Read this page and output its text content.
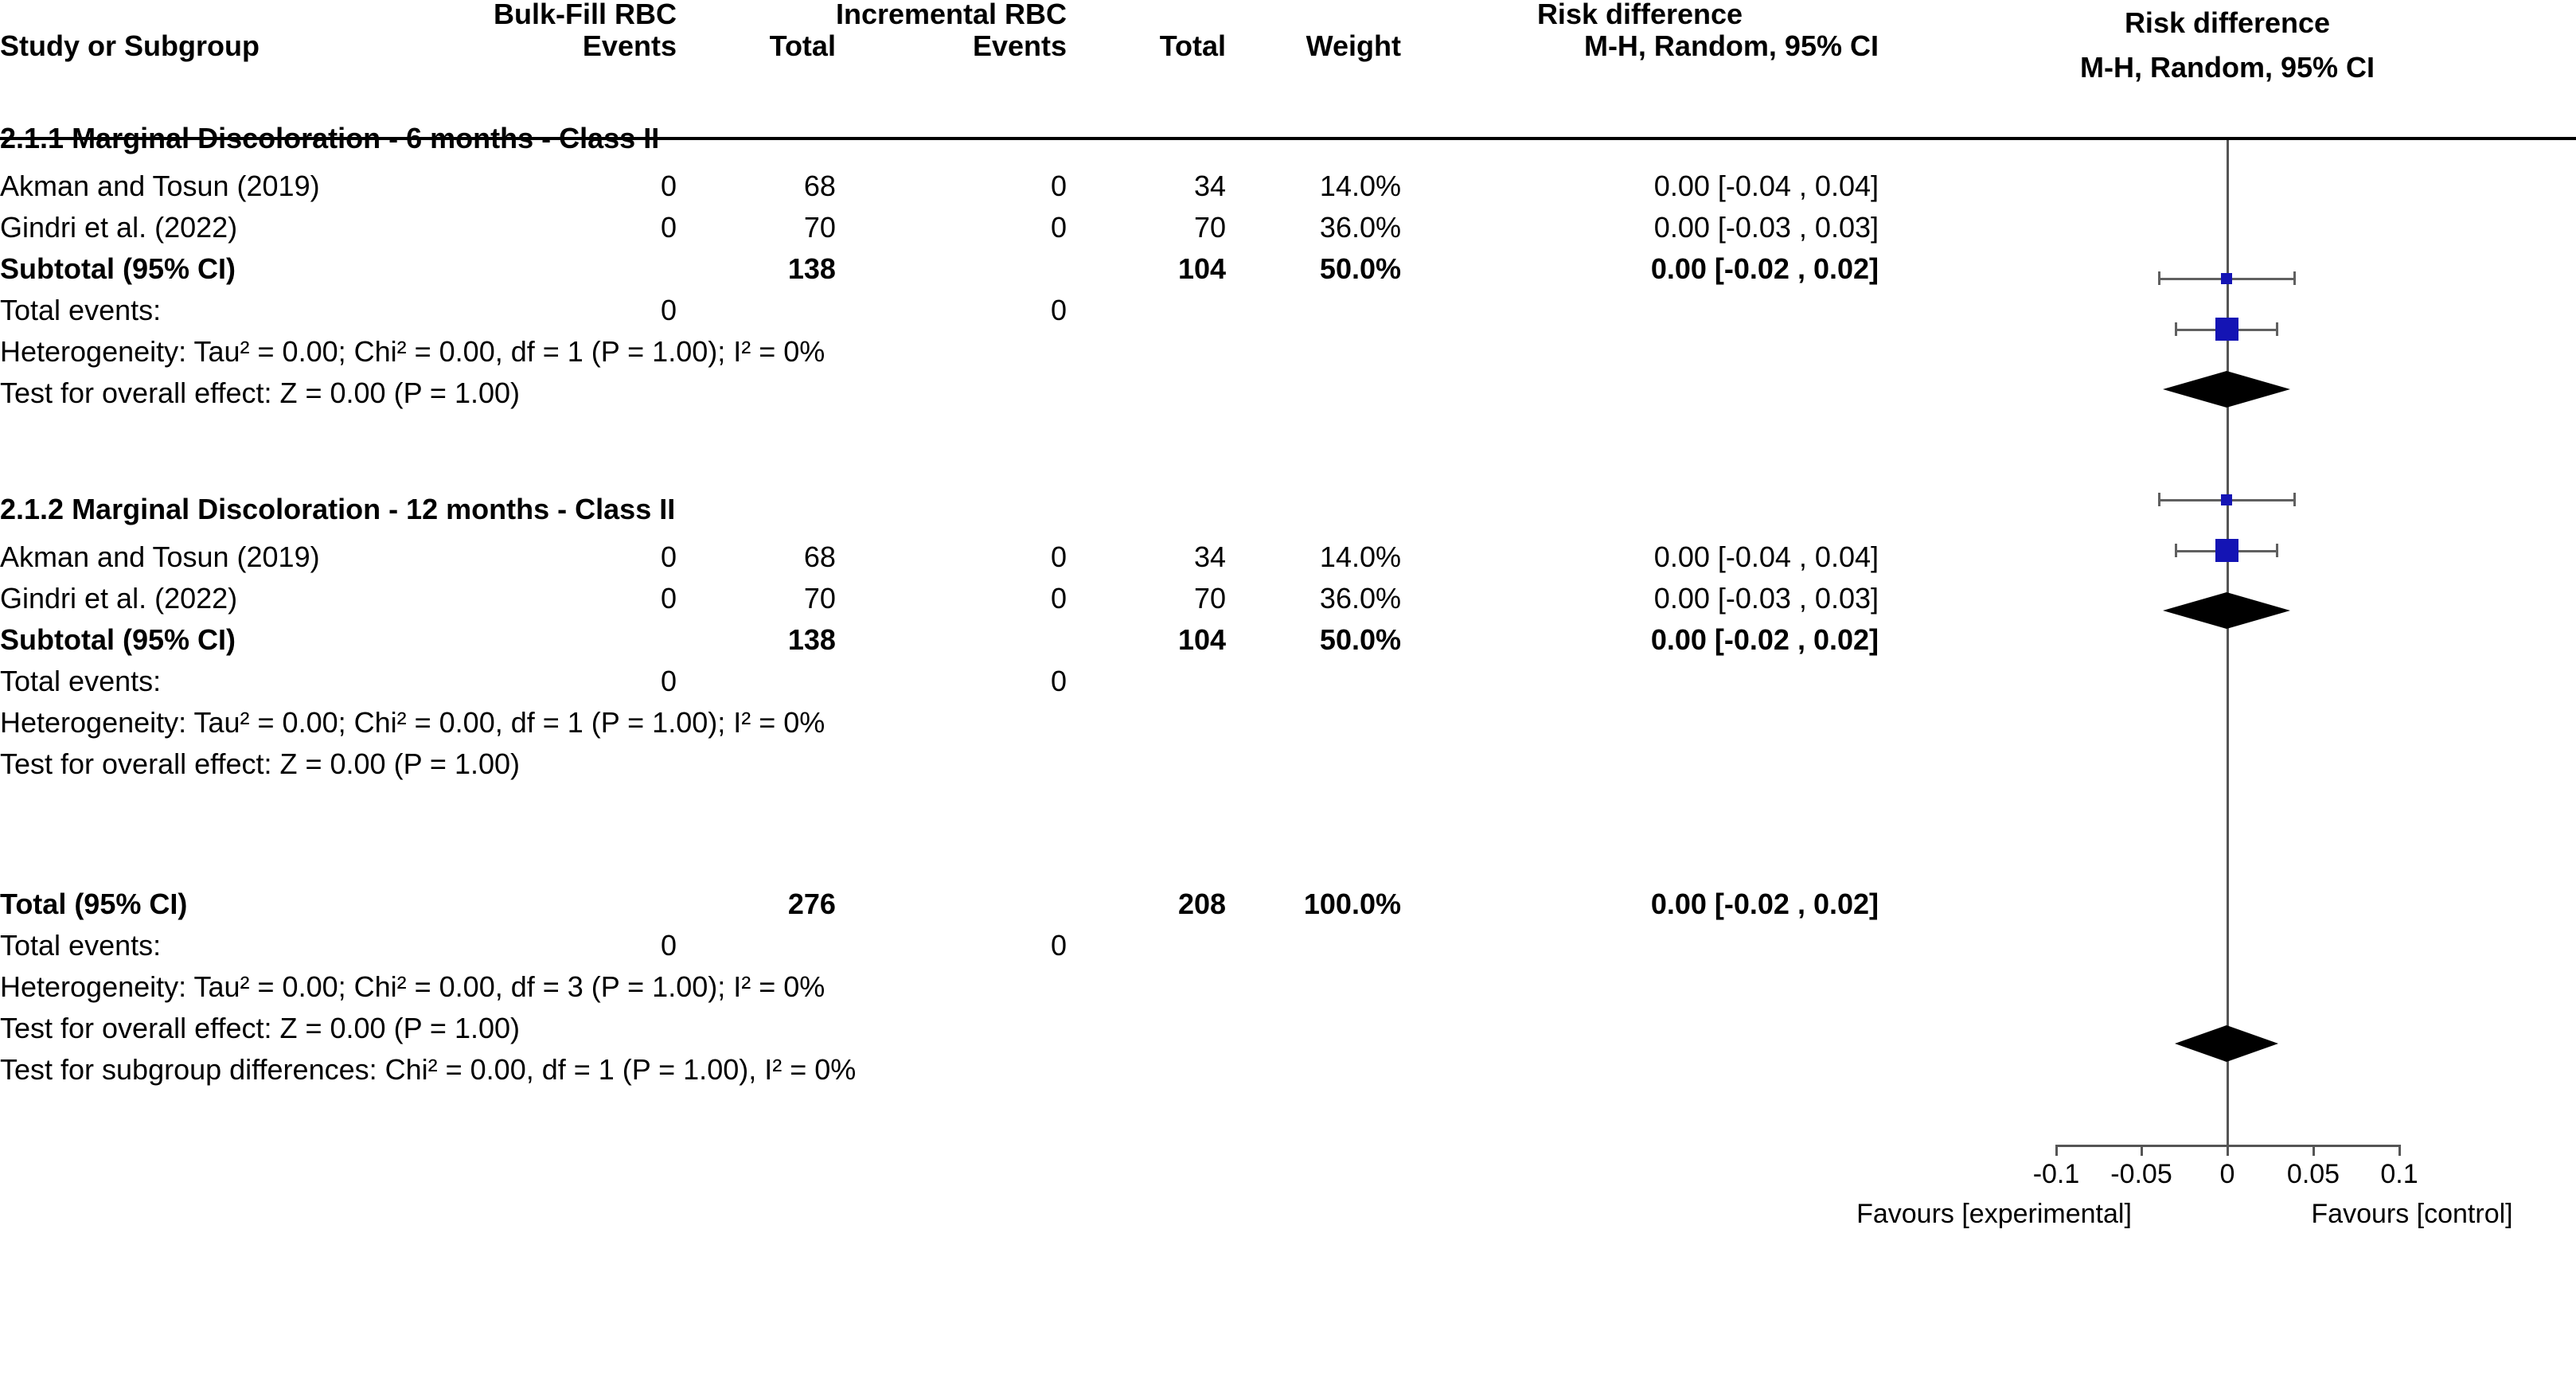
	Bulk-Fill RBC		Incremental RBC			Risk difference
Study or Subgroup	Events	Total	Events	Total	Weight	M-H, Random, 95% CI

2.1.1 Marginal Discoloration - 6 months - Class II						
Akman and Tosun (2019)	0	68	0	34	14.0%	0.00 [-0.04 , 0.04]
Gindri et al. (2022)	0	70	0	70	36.0%	0.00 [-0.03 , 0.03]
Subtotal (95% CI)		138		104	50.0%	0.00 [-0.02 , 0.02]
Total events:	0		0			
Heterogeneity: Tau² = 0.00; Chi² = 0.00, df = 1 (P = 1.00); I² = 0%						
Test for overall effect: Z = 0.00 (P = 1.00)						

2.1.2 Marginal Discoloration - 12 months - Class II						
Akman and Tosun (2019)	0	68	0	34	14.0%	0.00 [-0.04 , 0.04]
Gindri et al. (2022)	0	70	0	70	36.0%	0.00 [-0.03 , 0.03]
Subtotal (95% CI)		138		104	50.0%	0.00 [-0.02 , 0.02]
Total events:	0		0			
Heterogeneity: Tau² = 0.00; Chi² = 0.00, df = 1 (P = 1.00); I² = 0%						
Test for overall effect: Z = 0.00 (P = 1.00)						

Total (95% CI)		276		208	100.0%	0.00 [-0.02 , 0.02]
Total events:	0		0			
Heterogeneity: Tau² = 0.00; Chi² = 0.00, df = 3 (P = 1.00); I² = 0%						
Test for overall effect: Z = 0.00 (P = 1.00)						
Test for subgroup differences: Chi² = 0.00, df = 1 (P = 1.00), I² = 0%						
Risk difference
M-H, Random, 95% CI
-0.1	-0.05	0	0.05	0.1
Favours [experimental]	Favours [control]
